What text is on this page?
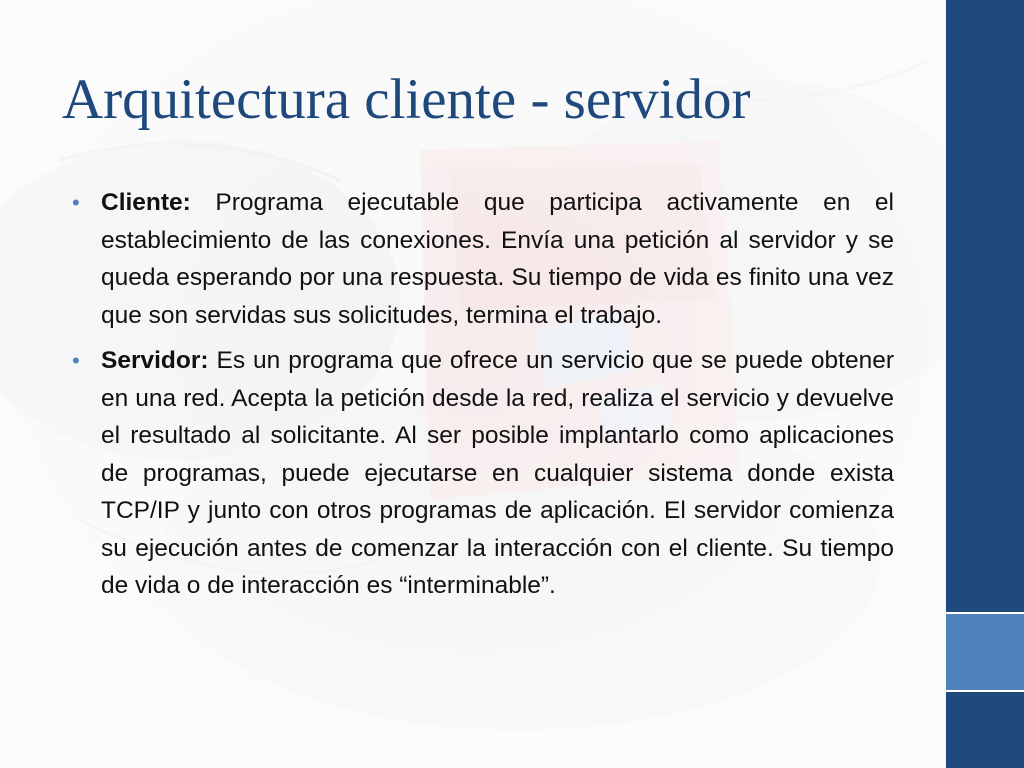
Arquitectura cliente - servidor
• Cliente: Programa ejecutable que participa activamente en el establecimiento de las conexiones. Envía una petición al servidor y se queda esperando por una respuesta. Su tiempo de vida es finito una vez que son servidas sus solicitudes, termina el trabajo.
• Servidor: Es un programa que ofrece un servicio que se puede obtener en una red. Acepta la petición desde la red, realiza el servicio y devuelve el resultado al solicitante. Al ser posible implantarlo como aplicaciones de programas, puede ejecutarse en cualquier sistema donde exista TCP/IP y junto con otros programas de aplicación. El servidor comienza su ejecución antes de comenzar la interacción con el cliente. Su tiempo de vida o de interacción es “interminable”.
